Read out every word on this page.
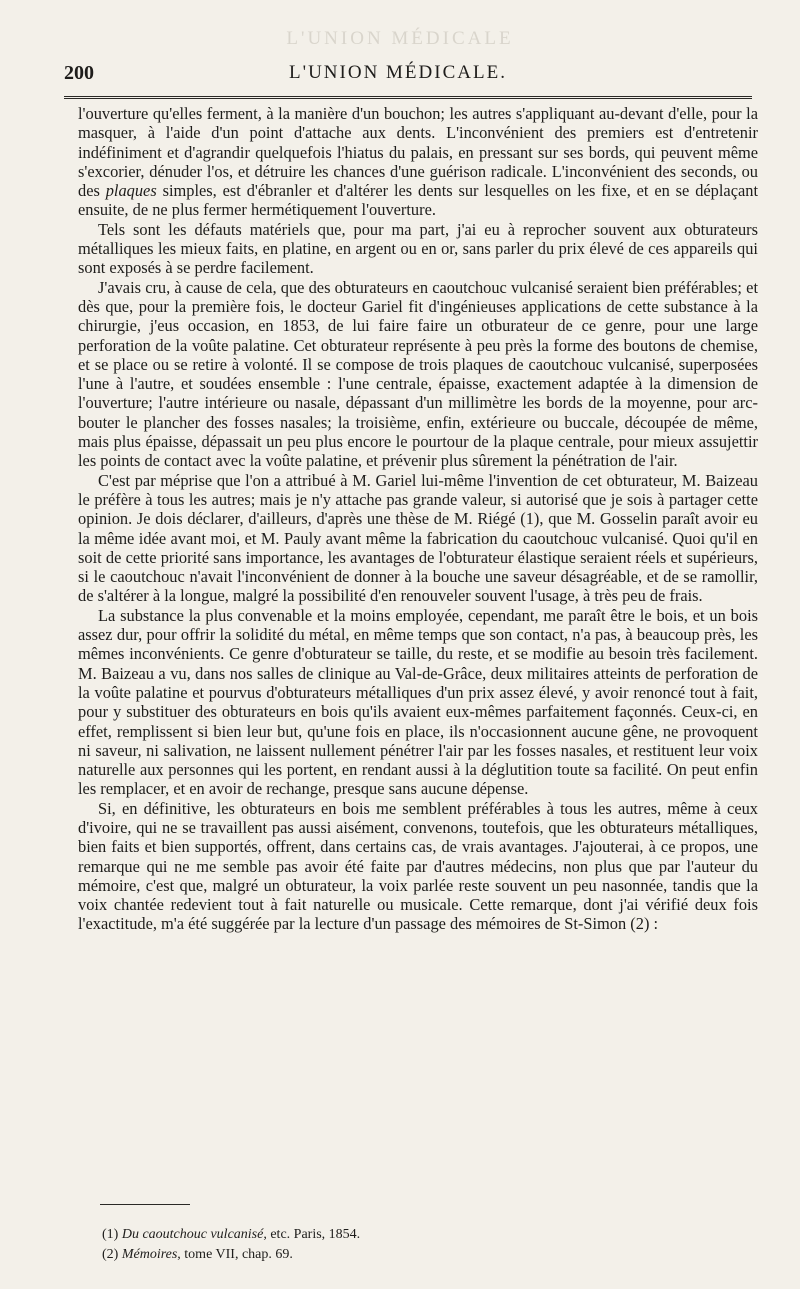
L'UNION MÉDICALE
200	L'UNION MÉDICALE.

l'ouverture qu'elles ferment, à la manière d'un bouchon; les autres s'appliquant au-devant d'elle, pour la masquer, à l'aide d'un point d'attache aux dents. L'inconvénient des premiers est d'entretenir indéfiniment et d'agrandir quelquefois l'hiatus du palais, en pressant sur ses bords, qui peuvent même s'excorier, dénuder l'os, et détruire les chances d'une guérison radicale. L'inconvénient des seconds, ou des plaques simples, est d'ébranler et d'altérer les dents sur lesquelles on les fixe, et en se déplaçant ensuite, de ne plus fermer hermétiquement l'ouverture.

Tels sont les défauts matériels que, pour ma part, j'ai eu à reprocher souvent aux obturateurs métalliques les mieux faits, en platine, en argent ou en or, sans parler du prix élevé de ces appareils qui sont exposés à se perdre facilement.

J'avais cru, à cause de cela, que des obturateurs en caoutchouc vulcanisé seraient bien préférables; et dès que, pour la première fois, le docteur Gariel fit d'ingénieuses applications de cette substance à la chirurgie, j'eus occasion, en 1853, de lui faire faire un otburateur de ce genre, pour une large perforation de la voûte palatine. Cet obturateur représente à peu près la forme des boutons de chemise, et se place ou se retire à volonté. Il se compose de trois plaques de caoutchouc vulcanisé, superposées l'une à l'autre, et soudées ensemble : l'une centrale, épaisse, exactement adaptée à la dimension de l'ouverture; l'autre intérieure ou nasale, dépassant d'un millimètre les bords de la moyenne, pour arc-bouter le plancher des fosses nasales; la troisième, enfin, extérieure ou buccale, découpée de même, mais plus épaisse, dépassait un peu plus encore le pourtour de la plaque centrale, pour mieux assujettir les points de contact avec la voûte palatine, et prévenir plus sûrement la pénétration de l'air.

C'est par méprise que l'on a attribué à M. Gariel lui-même l'invention de cet obturateur, M. Baizeau le préfère à tous les autres; mais je n'y attache pas grande valeur, si autorisé que je sois à partager cette opinion. Je dois déclarer, d'ailleurs, d'après une thèse de M. Riégé (1), que M. Gosselin paraît avoir eu la même idée avant moi, et M. Pauly avant même la fabrication du caoutchouc vulcanisé. Quoi qu'il en soit de cette priorité sans importance, les avantages de l'obturateur élastique seraient réels et supérieurs, si le caoutchouc n'avait l'inconvénient de donner à la bouche une saveur désagréable, et de se ramollir, de s'altérer à la longue, malgré la possibilité d'en renouveler souvent l'usage, à très peu de frais.

La substance la plus convenable et la moins employée, cependant, me paraît être le bois, et un bois assez dur, pour offrir la solidité du métal, en même temps que son contact, n'a pas, à beaucoup près, les mêmes inconvénients. Ce genre d'obturateur se taille, du reste, et se modifie au besoin très facilement. M. Baizeau a vu, dans nos salles de clinique au Val-de-Grâce, deux militaires atteints de perforation de la voûte palatine et pourvus d'obturateurs métalliques d'un prix assez élevé, y avoir renoncé tout à fait, pour y substituer des obturateurs en bois qu'ils avaient eux-mêmes parfaitement façonnés. Ceux-ci, en effet, remplissent si bien leur but, qu'une fois en place, ils n'occasionnent aucune gêne, ne provoquent ni saveur, ni salivation, ne laissent nullement pénétrer l'air par les fosses nasales, et restituent leur voix naturelle aux personnes qui les portent, en rendant aussi à la déglutition toute sa facilité. On peut enfin les remplacer, et en avoir de rechange, presque sans aucune dépense.

Si, en définitive, les obturateurs en bois me semblent préférables à tous les autres, même à ceux d'ivoire, qui ne se travaillent pas aussi aisément, convenons, toutefois, que les obturateurs métalliques, bien faits et bien supportés, offrent, dans certains cas, de vrais avantages. J'ajouterai, à ce propos, une remarque qui ne me semble pas avoir été faite par d'autres médecins, non plus que par l'auteur du mémoire, c'est que, malgré un obturateur, la voix parlée reste souvent un peu nasonnée, tandis que la voix chantée redevient tout à fait naturelle ou musicale. Cette remarque, dont j'ai vérifié deux fois l'exactitude, m'a été suggérée par la lecture d'un passage des mémoires de St-Simon (2) :

(1) Du caoutchouc vulcanisé, etc. Paris, 1854.
(2) Mémoires, tome VII, chap. 69.
